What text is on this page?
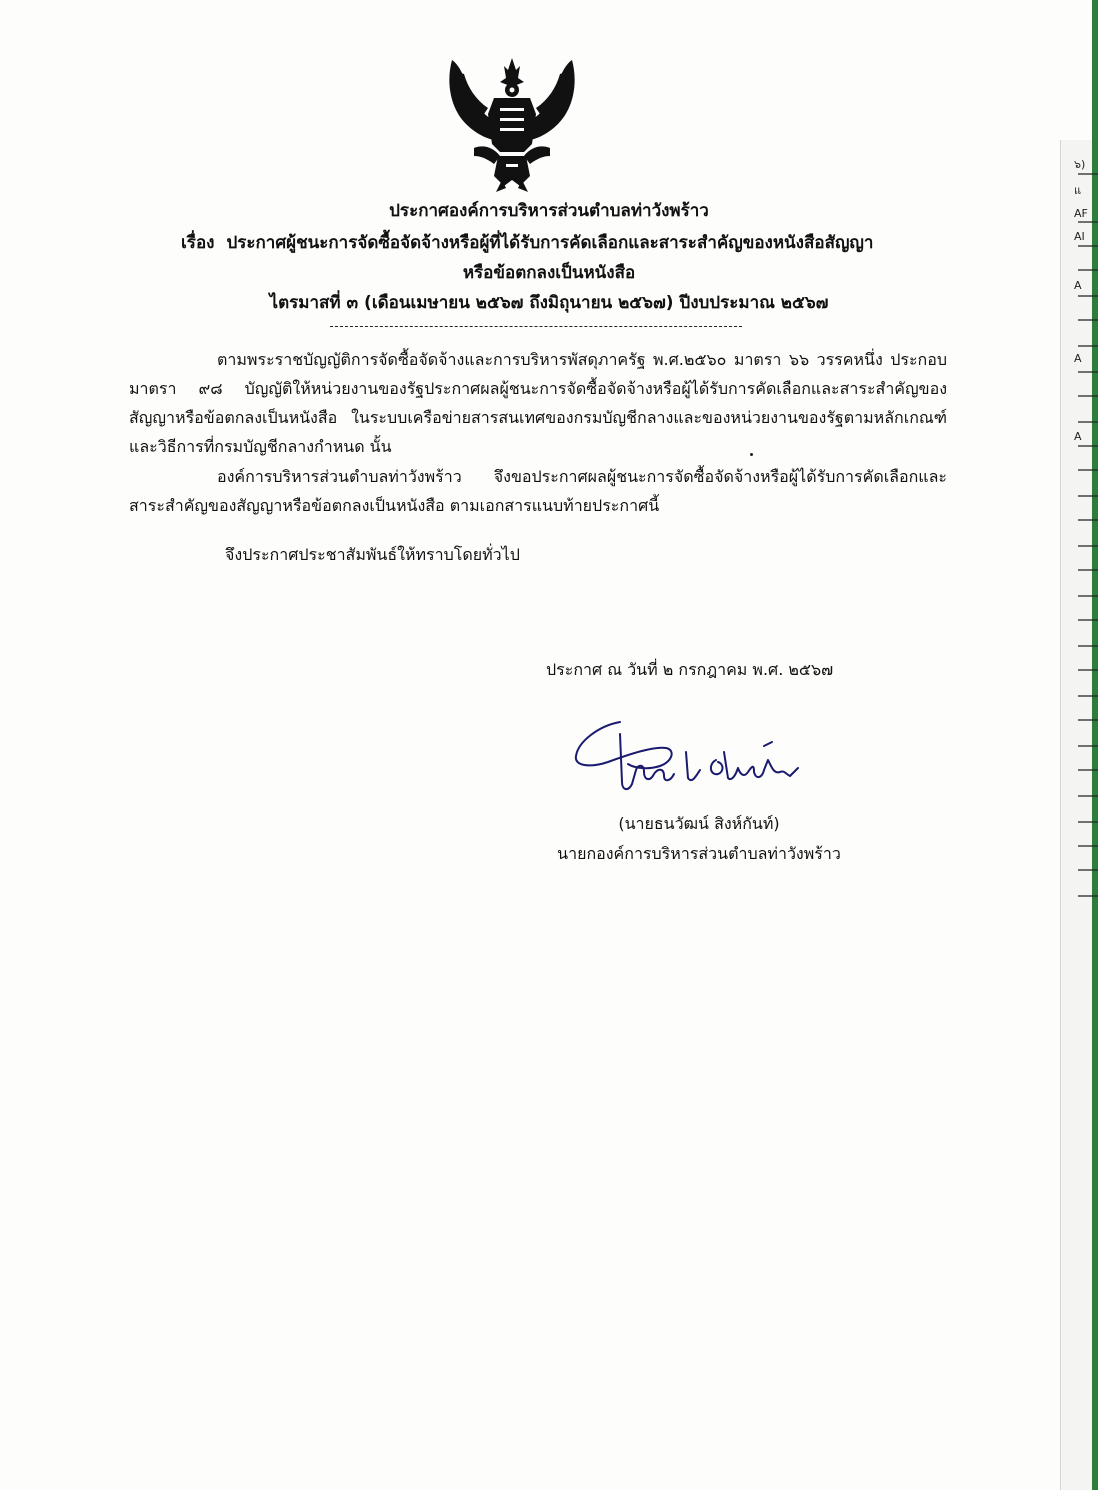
ประกาศองค์การบริหารส่วนตำบลท่าวังพร้าว
เรื่อง ประกาศผู้ชนะการจัดซื้อจัดจ้างหรือผู้ที่ได้รับการคัดเลือกและสาระสำคัญของหนังสือสัญญา
หรือข้อตกลงเป็นหนังสือ
ไตรมาสที่ ๓ (เดือนเมษายน ๒๕๖๗ ถึงมิถุนายน ๒๕๖๗) ปีงบประมาณ ๒๕๖๗
ตามพระราชบัญญัติการจัดซื้อจัดจ้างและการบริหารพัสดุภาครัฐ พ.ศ.๒๕๖๐ มาตรา ๖๖ วรรคหนึ่ง ประกอบมาตรา ๙๘ บัญญัติให้หน่วยงานของรัฐประกาศผลผู้ชนะการจัดซื้อจัดจ้างหรือผู้ได้รับการคัดเลือกและสาระสำคัญของสัญญาหรือข้อตกลงเป็นหนังสือ ในระบบเครือข่ายสารสนเทศของกรมบัญชีกลางและของหน่วยงานของรัฐตามหลักเกณฑ์และวิธีการที่กรมบัญชีกลางกำหนด นั้น
องค์การบริหารส่วนตำบลท่าวังพร้าว จึงขอประกาศผลผู้ชนะการจัดซื้อจัดจ้างหรือผู้ได้รับการคัดเลือกและสาระสำคัญของสัญญาหรือข้อตกลงเป็นหนังสือ ตามเอกสารแนบท้ายประกาศนี้
จึงประกาศประชาสัมพันธ์ให้ทราบโดยทั่วไป
ประกาศ ณ วันที่ ๒ กรกฎาคม พ.ศ. ๒๕๖๗
(นายธนวัฒน์ สิงห์กันท์)
นายกองค์การบริหารส่วนตำบลท่าวังพร้าว
๖)
แ
AF
AI
A
A
A
